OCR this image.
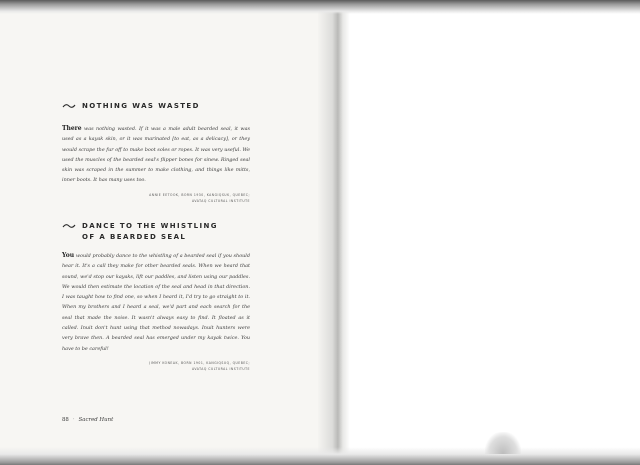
NOTHING WAS WASTED

There was nothing wasted. If it was a male adult bearded seal, it was used as a kayak skin, or it was marinated [to eat, as a delicacy], or they would scrape the fur off to make boot soles or ropes. It was very useful. We used the muscles of the bearded seal's flipper bones for sinew. Ringed seal skin was scraped in the summer to make clothing, and things like mitts, inner boots. It has many uses too.

ANNIE EETOOK, BORN 1930, KANGIQSUK, QUEBEC;
AVATAQ CULTURAL INSTITUTE
DANCE TO THE WHISTLING
OF A BEARDED SEAL

You would probably dance to the whistling of a bearded seal if you should hear it. It's a call they make for other bearded seals. When we heard that sound, we'd stop our kayaks, lift our paddles, and listen using our paddles. We would then estimate the location of the seal and head in that direction. I was taught how to find one, so when I heard it, I'd try to go straight to it. When my brothers and I heard a seal, we'd part and each search for the seal that made the noise. It wasn't always easy to find. It floated as it called. Inuit don't hunt using that method nowadays. Inuit hunters were very brave then. A bearded seal has emerged under my kayak twice. You have to be careful!

JIMMY KONEAK, BORN 1901, KANGIQSUQ, QUEBEC;
AVATAQ CULTURAL INSTITUTE
88 · Sacred Hunt
